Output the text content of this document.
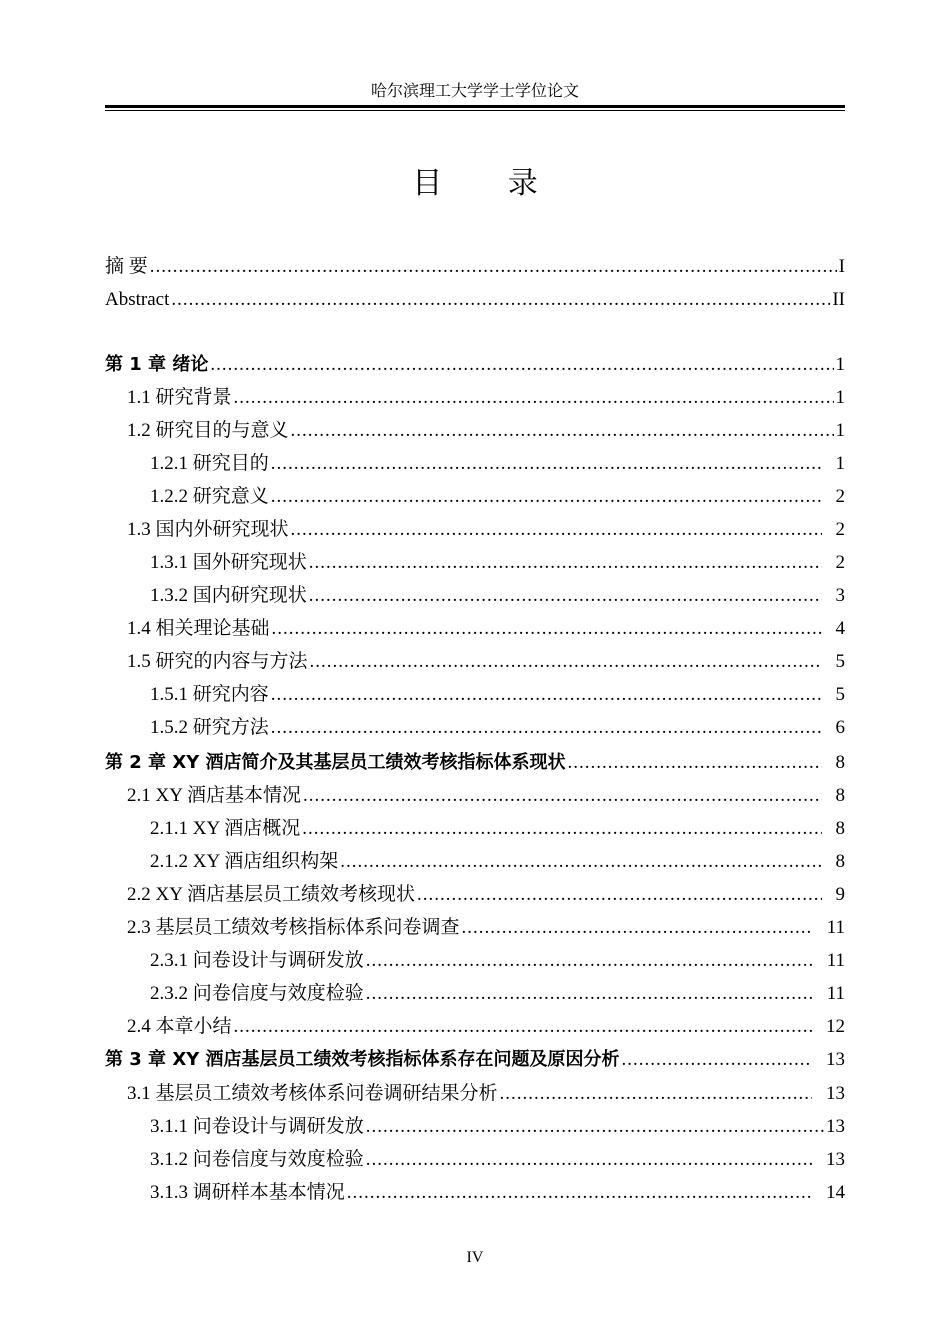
哈尔滨理工大学学士学位论文
目 录
摘 要 .....	I
Abstract .....	II
第 1 章 绪论 .....	1
1.1 研究背景 .....	1
1.2 研究目的与意义 .....	1
1.2.1 研究目的 .....	1
1.2.2 研究意义 .....	2
1.3 国内外研究现状 .....	2
1.3.1 国外研究现状 .....	2
1.3.2 国内研究现状 .....	3
1.4 相关理论基础 .....	4
1.5 研究的内容与方法 .....	5
1.5.1 研究内容 .....	5
1.5.2 研究方法 .....	6
第 2 章 XY 酒店简介及其基层员工绩效考核指标体系现状 .....	8
2.1 XY 酒店基本情况 .....	8
2.1.1 XY 酒店概况 .....	8
2.1.2 XY 酒店组织构架 .....	8
2.2 XY 酒店基层员工绩效考核现状 .....	9
2.3 基层员工绩效考核指标体系问卷调查 .....	11
2.3.1 问卷设计与调研发放 .....	11
2.3.2 问卷信度与效度检验 .....	11
2.4 本章小结 .....	12
第 3 章 XY 酒店基层员工绩效考核指标体系存在问题及原因分析 .....	13
3.1 基层员工绩效考核体系问卷调研结果分析 .....	13
3.1.1 问卷设计与调研发放 .....	13
3.1.2 问卷信度与效度检验 .....	13
3.1.3 调研样本基本情况 .....	14
IV
